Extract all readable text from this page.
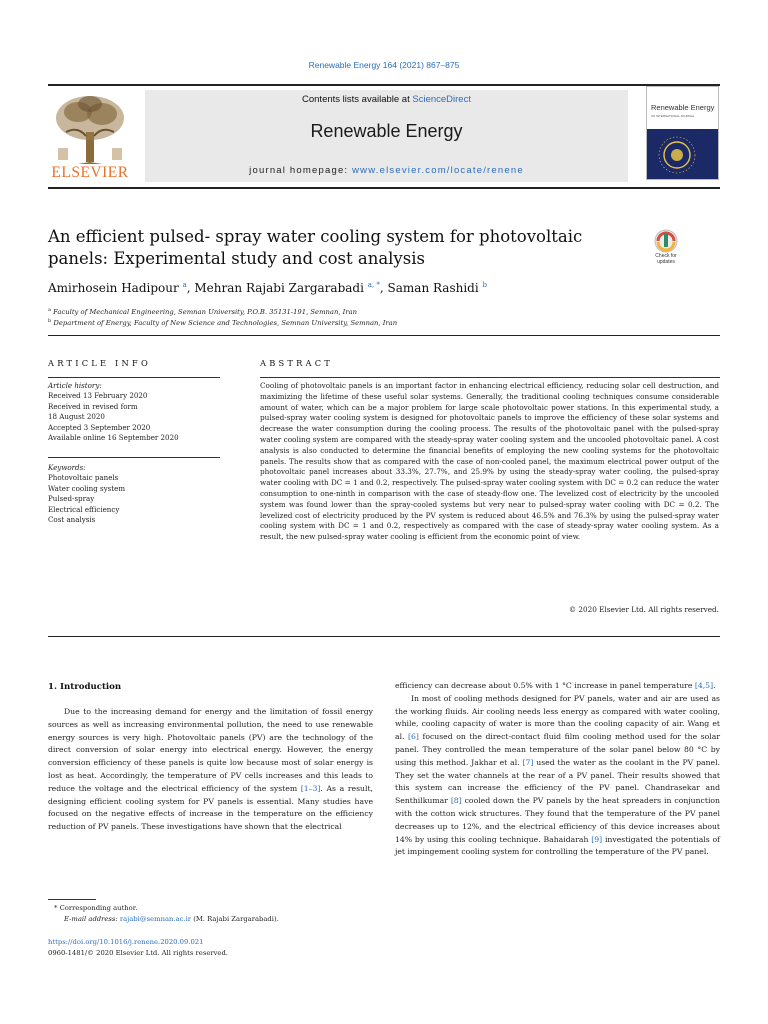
Renewable Energy 164 (2021) 867–875
ELSEVIER
Contents lists available at ScienceDirect
Renewable Energy
journal homepage: www.elsevier.com/locate/renene
Renewable Energy
AN INTERNATIONAL JOURNAL
An efficient pulsed- spray water cooling system for photovoltaic panels: Experimental study and cost analysis	Check for updates
Amirhosein Hadipour $^a$, Mehran Rajabi Zargarabadi $^{a, *}$, Saman Rashidi $^b$
$^a$ Faculty of Mechanical Engineering, Semnan University, P.O.B. 35131-191, Semnan, Iran
$^b$ Department of Energy, Faculty of New Science and Technologies, Semnan University, Semnan, Iran
ARTICLE INFO	ABSTRACT
Article history:
Received 13 February 2020
Received in revised form
18 August 2020
Accepted 3 September 2020
Available online 16 September 2020
Keywords:
Photovoltaic panels
Water cooling system
Pulsed-spray
Electrical efficiency
Cost analysis
Cooling of photovoltaic panels is an important factor in enhancing electrical efficiency, reducing solar cell destruction, and maximizing the lifetime of these useful solar systems. Generally, the traditional cooling techniques consume considerable amount of water, which can be a major problem for large scale photovoltaic power stations. In this experimental study, a pulsed-spray water cooling system is designed for photovoltaic panels to improve the efficiency of these solar systems and decrease the water consumption during the cooling process. The results of the photovoltaic panel with the pulsed-spray water cooling system are compared with the steady-spray water cooling system and the uncooled photovoltaic panel. A cost analysis is also conducted to determine the financial benefits of employing the new cooling systems for the photovoltaic panels. The results show that as compared with the case of non-cooled panel, the maximum electrical power output of the photovoltaic panel increases about 33.3%, 27.7%, and 25.9% by using the steady-spray water cooling, the pulsed-spray water cooling with DC = 1 and 0.2, respectively. The pulsed-spray water cooling system with DC = 0.2 can reduce the water consumption to one-ninth in comparison with the case of steady-flow one. The levelized cost of electricity by the uncooled system was found lower than the spray-cooled systems but very near to pulsed-spray water cooling with DC = 0.2. The levelized cost of electricity produced by the PV system is reduced about 46.5% and 76.3% by using the pulsed-spray water cooling system with DC = 1 and 0.2, respectively as compared with the case of steady-spray water cooling system. As a result, the new pulsed-spray water cooling is efficient from the economic point of view.
© 2020 Elsevier Ltd. All rights reserved.
1. Introduction
Due to the increasing demand for energy and the limitation of fossil energy sources as well as increasing environmental pollution, the need to use renewable energy sources is very high. Photovoltaic panels (PV) are the technology of the direct conversion of solar energy into electrical energy. However, the energy conversion efficiency of these panels is quite low because most of solar energy is lost as heat. Accordingly, the temperature of PV cells increases and this leads to reduce the voltage and the electrical efficiency of the system [1–3]. As a result, designing efficient cooling system for PV panels is essential. Many studies have focused on the negative effects of increase in the temperature on the efficiency reduction of PV panels. These investigations have shown that the electrical
efficiency can decrease about 0.5% with 1 °C increase in panel temperature [4,5].
In most of cooling methods designed for PV panels, water and air are used as the working fluids. Air cooling needs less energy as compared with water cooling, while, cooling capacity of water is more than the cooling capacity of air. Wang et al. [6] focused on the direct-contact fluid film cooling method used for the solar panel. They controlled the mean temperature of the solar panel below 80 °C by using this method. Jakhar et al. [7] used the water as the coolant in the PV panel. They set the water channels at the rear of a PV panel. Their results showed that this system can increase the efficiency of the PV panel. Chandrasekar and Senthilkumar [8] cooled down the PV panels by the heat spreaders in conjunction with the cotton wick structures. They found that the temperature of the PV panel decreases up to 12%, and the electrical efficiency of this device increases about 14% by using this cooling technique. Bahaidarah [9] investigated the potentials of jet impingement cooling system for controlling the temperature of the PV panel.
* Corresponding author.
E-mail address: rajabi@semnan.ac.ir (M. Rajabi Zargarabadi).
https://doi.org/10.1016/j.renene.2020.09.021
0960-1481/© 2020 Elsevier Ltd. All rights reserved.
